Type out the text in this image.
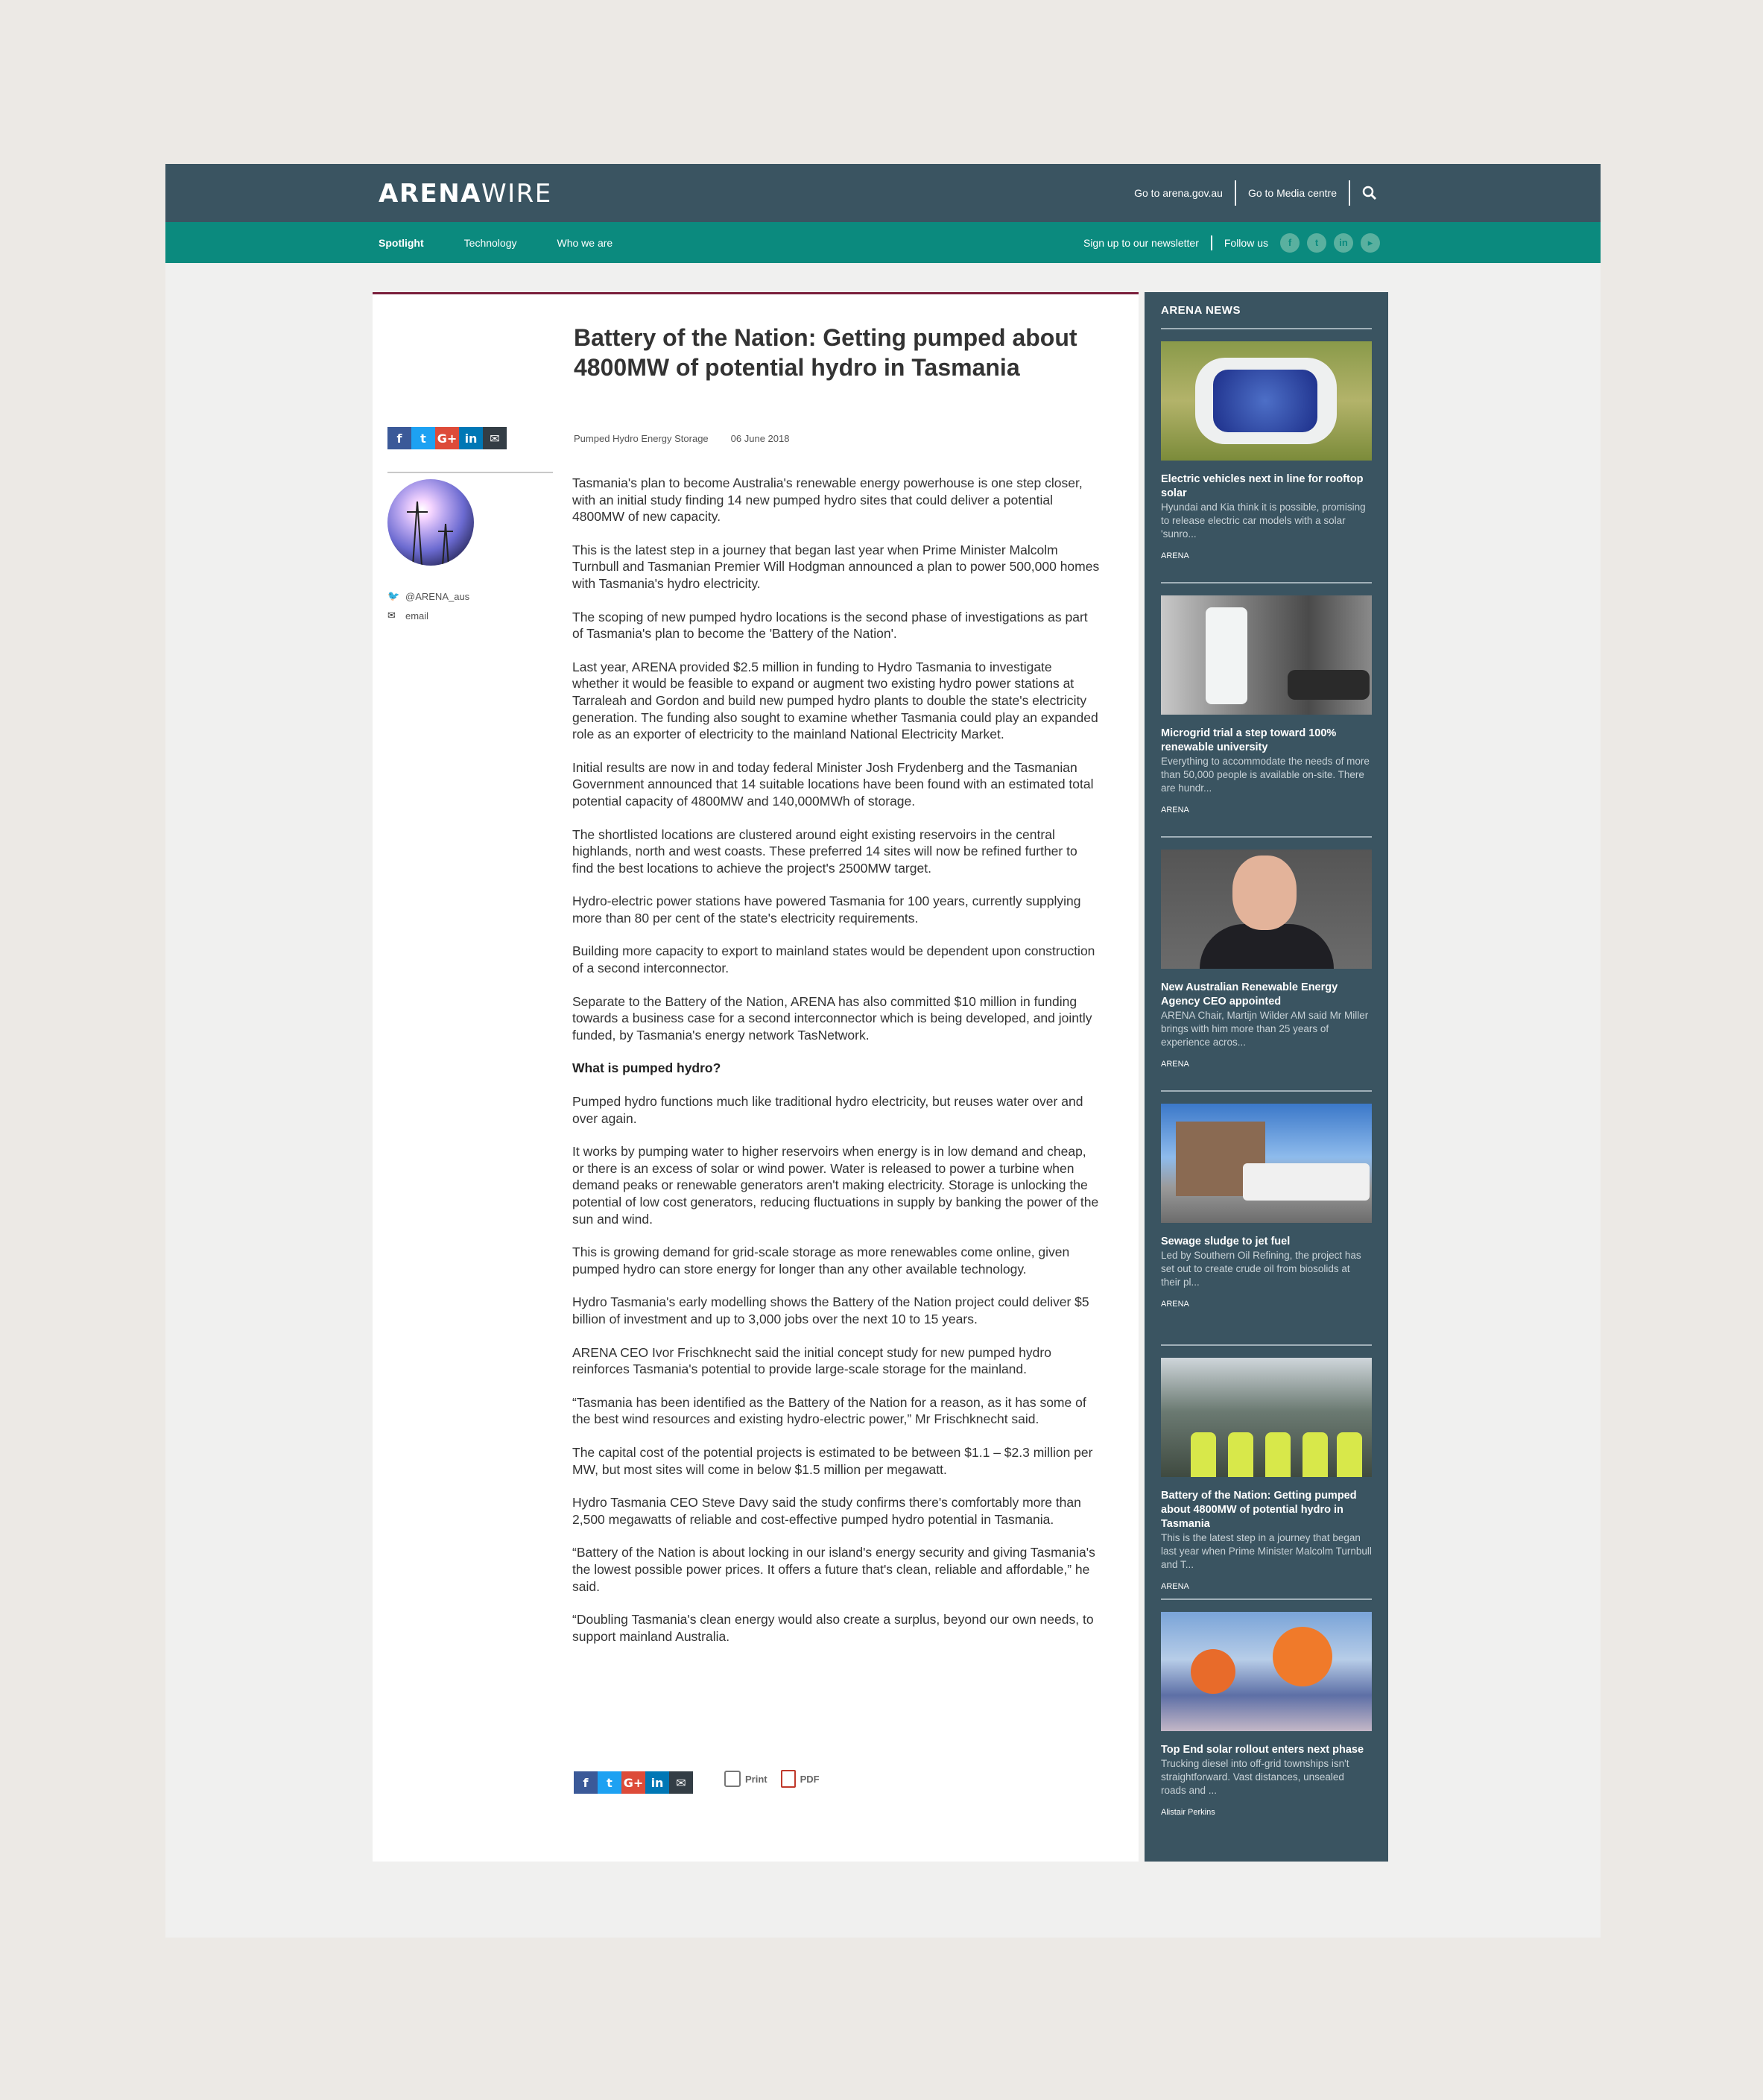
ARENAWIRE	Go to arena.gov.au	Go to Media centre
Spotlight	Technology	Who we are	Sign up to our newsletter Follow us	f	t	in	▸
f	t G+ in	✉
🐦 @ARENA_aus
✉	email
Battery of the Nation: Getting pumped about 4800MW of potential hydro in Tasmania
Pumped Hydro Energy Storage 06 June 2018

Tasmania's plan to become Australia's renewable energy powerhouse is one step closer, with an initial study finding 14 new pumped hydro sites that could deliver a potential 4800MW of new capacity.

This is the latest step in a journey that began last year when Prime Minister Malcolm Turnbull and Tasmanian Premier Will Hodgman announced a plan to power 500,000 homes with Tasmania's hydro electricity.

The scoping of new pumped hydro locations is the second phase of investigations as part of Tasmania's plan to become the 'Battery of the Nation'.

Last year, ARENA provided $2.5 million in funding to Hydro Tasmania to investigate whether it would be feasible to expand or augment two existing hydro power stations at Tarraleah and Gordon and build new pumped hydro plants to double the state's electricity generation. The funding also sought to examine whether Tasmania could play an expanded role as an exporter of electricity to the mainland National Electricity Market.

Initial results are now in and today federal Minister Josh Frydenberg and the Tasmanian Government announced that 14 suitable locations have been found with an estimated total potential capacity of 4800MW and 140,000MWh of storage.

The shortlisted locations are clustered around eight existing reservoirs in the central highlands, north and west coasts. These preferred 14 sites will now be refined further to find the best locations to achieve the project's 2500MW target.

Hydro-electric power stations have powered Tasmania for 100 years, currently supplying more than 80 per cent of the state's electricity requirements.

Building more capacity to export to mainland states would be dependent upon construction of a second interconnector.

Separate to the Battery of the Nation, ARENA has also committed $10 million in funding towards a business case for a second interconnector which is being developed, and jointly funded, by Tasmania's energy network TasNetwork.

What is pumped hydro?

Pumped hydro functions much like traditional hydro electricity, but reuses water over and over again.

It works by pumping water to higher reservoirs when energy is in low demand and cheap, or there is an excess of solar or wind power. Water is released to power a turbine when demand peaks or renewable generators aren't making electricity. Storage is unlocking the potential of low cost generators, reducing fluctuations in supply by banking the power of the sun and wind.

This is growing demand for grid-scale storage as more renewables come online, given pumped hydro can store energy for longer than any other available technology.

Hydro Tasmania's early modelling shows the Battery of the Nation project could deliver $5 billion of investment and up to 3,000 jobs over the next 10 to 15 years.

ARENA CEO Ivor Frischknecht said the initial concept study for new pumped hydro reinforces Tasmania's potential to provide large-scale storage for the mainland.

“Tasmania has been identified as the Battery of the Nation for a reason, as it has some of the best wind resources and existing hydro-electric power,” Mr Frischknecht said.

The capital cost of the potential projects is estimated to be between $1.1 – $2.3 million per MW, but most sites will come in below $1.5 million per megawatt.

Hydro Tasmania CEO Steve Davy said the study confirms there's comfortably more than 2,500 megawatts of reliable and cost-effective pumped hydro potential in Tasmania.

“Battery of the Nation is about locking in our island's energy security and giving Tasmania's the lowest possible power prices. It offers a future that's clean, reliable and affordable,” he said.

“Doubling Tasmania's clean energy would also create a surplus, beyond our own needs, to support mainland Australia.

f	t G+ in	✉	Print	PDF
ARENA NEWS
Electric vehicles next in line for rooftop solar
Hyundai and Kia think it is possible, promising to release electric car models with a solar 'sunro...
ARENA
Microgrid trial a step toward 100% renewable university
Everything to accommodate the needs of more than 50,000 people is available on-site. There are hundr...
ARENA
New Australian Renewable Energy Agency CEO appointed
ARENA Chair, Martijn Wilder AM said Mr Miller brings with him more than 25 years of experience acros...
ARENA
Sewage sludge to jet fuel
Led by Southern Oil Refining, the project has set out to create crude oil from biosolids at their pl...
ARENA
Battery of the Nation: Getting pumped about 4800MW of potential hydro in Tasmania
This is the latest step in a journey that began last year when Prime Minister Malcolm Turnbull and T...
ARENA
Top End solar rollout enters next phase
Trucking diesel into off-grid townships isn't straightforward. Vast distances, unsealed roads and ...
Alistair Perkins
